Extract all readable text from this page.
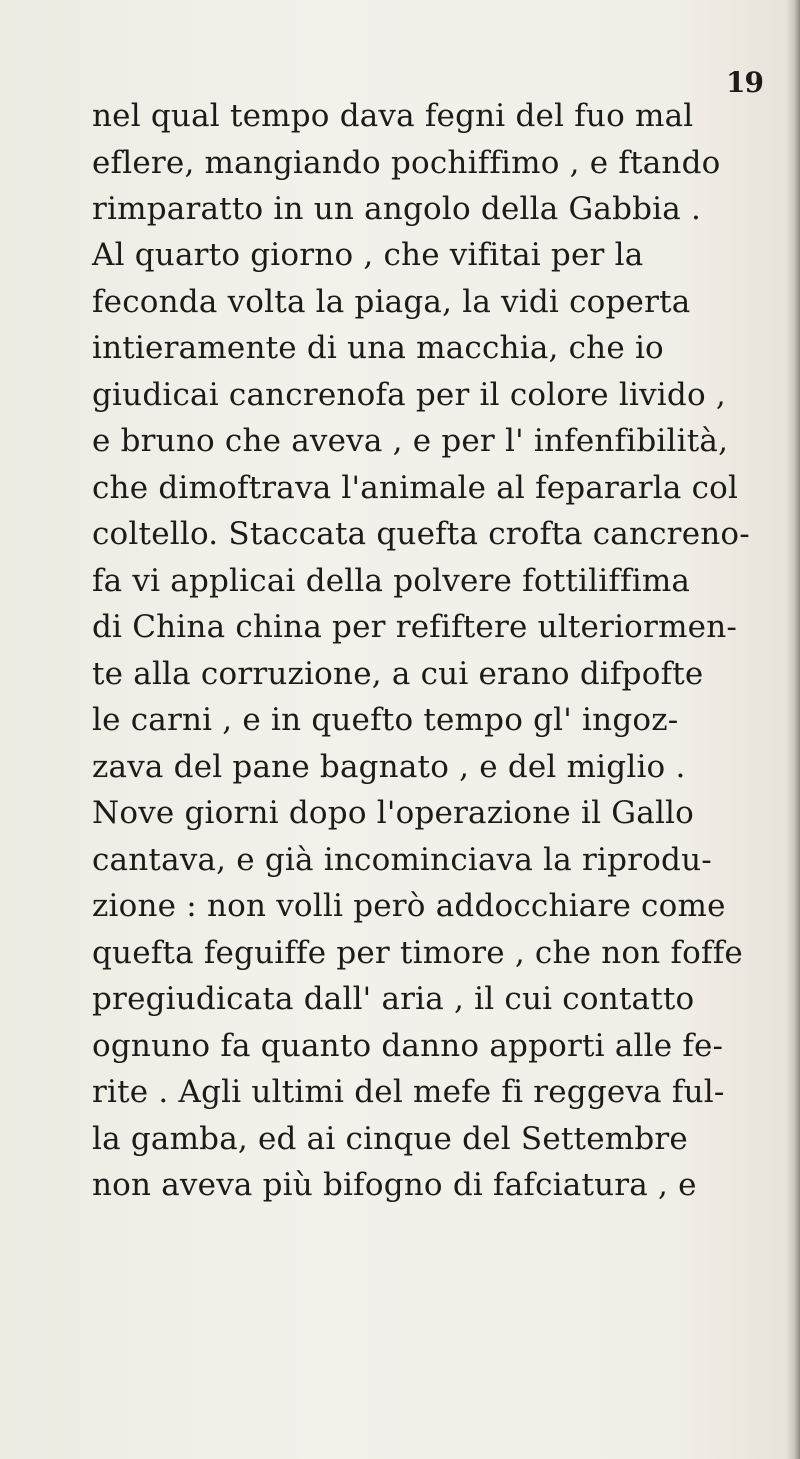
19
nel qual tempo dava fegni del fuo mal
eflere, mangiando pochiffimo , e ftando
rimparatto in un angolo della Gabbia .
Al quarto giorno , che vifitai per la
feconda volta la piaga, la vidi coperta
intieramente di una macchia, che io
giudicai cancrenofa per il colore livido ,
e bruno che aveva , e per l' infenfibilità,
che dimoftrava l'animale al fepararla col
coltello. Staccata quefta crofta cancreno-
fa vi applicai della polvere fottiliffima
di China china per refiftere ulteriormen-
te alla corruzione, a cui erano difpofte
le carni , e in quefto tempo gl' ingoz-
zava del pane bagnato , e del miglio .
Nove giorni dopo l'operazione il Gallo
cantava, e già incominciava la riprodu-
zione : non volli però addocchiare come
quefta feguiffe per timore , che non foffe
pregiudicata dall' aria , il cui contatto
ognuno fa quanto danno apporti alle fe-
rite . Agli ultimi del mefe fi reggeva ful-
la gamba, ed ai cinque del Settembre
non aveva più bifogno di fafciatura , e
